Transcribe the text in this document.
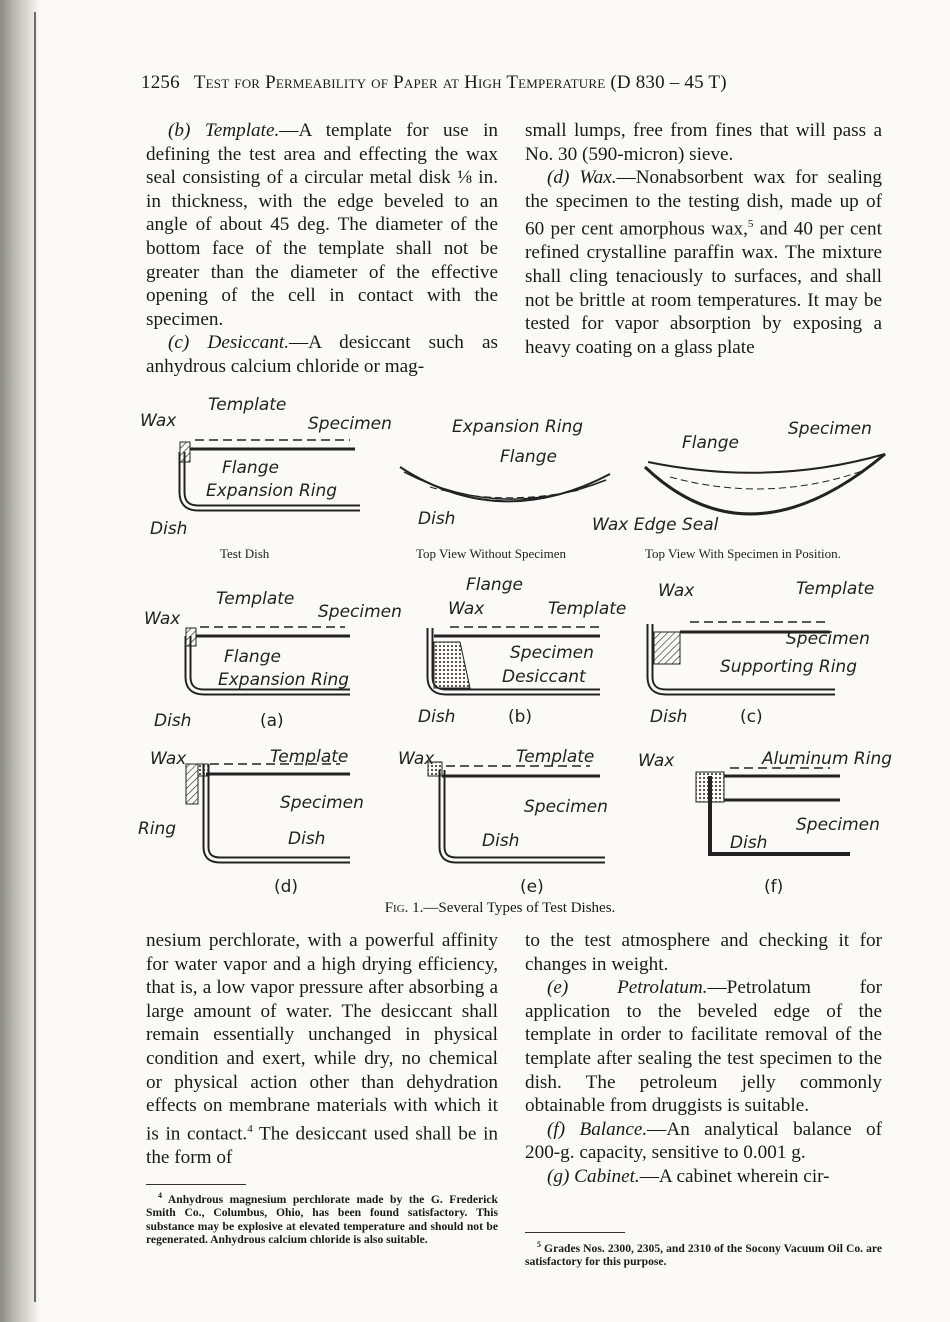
1256 Test for Permeability of Paper at High Temperature (D 830 – 45 T)

(b) Template.—A template for use in defining the test area and effecting the wax seal consisting of a circular metal disk ⅛ in. in thickness, with the edge beveled to an angle of about 45 deg. The diameter of the bottom face of the template shall not be greater than the diameter of the effective opening of the cell in contact with the specimen.

(c) Desiccant.—A desiccant such as anhydrous calcium chloride or mag-

small lumps, free from fines that will pass a No. 30 (590-micron) sieve.

(d) Wax.—Nonabsorbent wax for sealing the specimen to the testing dish, made up of 60 per cent amorphous wax,$^5$ and 40 per cent refined crystalline paraffin wax. The mixture shall cling tenaciously to surfaces, and shall not be brittle at room temperatures. It may be tested for vapor absorption by exposing a heavy coating on a glass plate

Template
Wax	Specimen
Flange
Expansion Ring
Dish
Test Dish
Expansion Ring
Flange
Dish
Top View Without Specimen
Specimen
Flange
Wax Edge Seal
Top View With Specimen in Position.
Template
Wax	Specimen
Flange
Expansion Ring
Dish	(a)
Flange
Wax	Template
Specimen
Desiccant
Dish	(b)
Wax	Template
Specimen
Supporting Ring
Dish	(c)
Wax	Template
Specimen
Ring	Dish
(d)
Wax	Template
Specimen
Dish
(e)
Wax	Aluminum Ring
Specimen
Dish
(f)
Fig. 1.—Several Types of Test Dishes.

nesium perchlorate, with a powerful affinity for water vapor and a high drying efficiency, that is, a low vapor pressure after absorbing a large amount of water. The desiccant shall remain essentially unchanged in physical condition and exert, while dry, no chemical or physical action other than dehydration effects on membrane materials with which it is in contact.$^4$ The desiccant used shall be in the form of

to the test atmosphere and checking it for changes in weight.

(e)	Petrolatum.—Petrolatum for application to the beveled edge of the template in order to facilitate removal of the template after sealing the test specimen to the dish. The petroleum jelly commonly obtainable from druggists is suitable.

(f) Balance.—An analytical balance of 200-g. capacity, sensitive to 0.001 g.

(g) Cabinet.—A cabinet wherein cir-

$^4$ Anhydrous magnesium perchlorate made by the G. Frederick Smith Co., Columbus, Ohio, has been found satisfactory. This substance may be explosive at elevated temperature and should not be regenerated. Anhydrous calcium chloride is also suitable.	$^5$ Grades Nos. 2300, 2305, and 2310 of the Socony Vacuum Oil Co. are satisfactory for this purpose.
